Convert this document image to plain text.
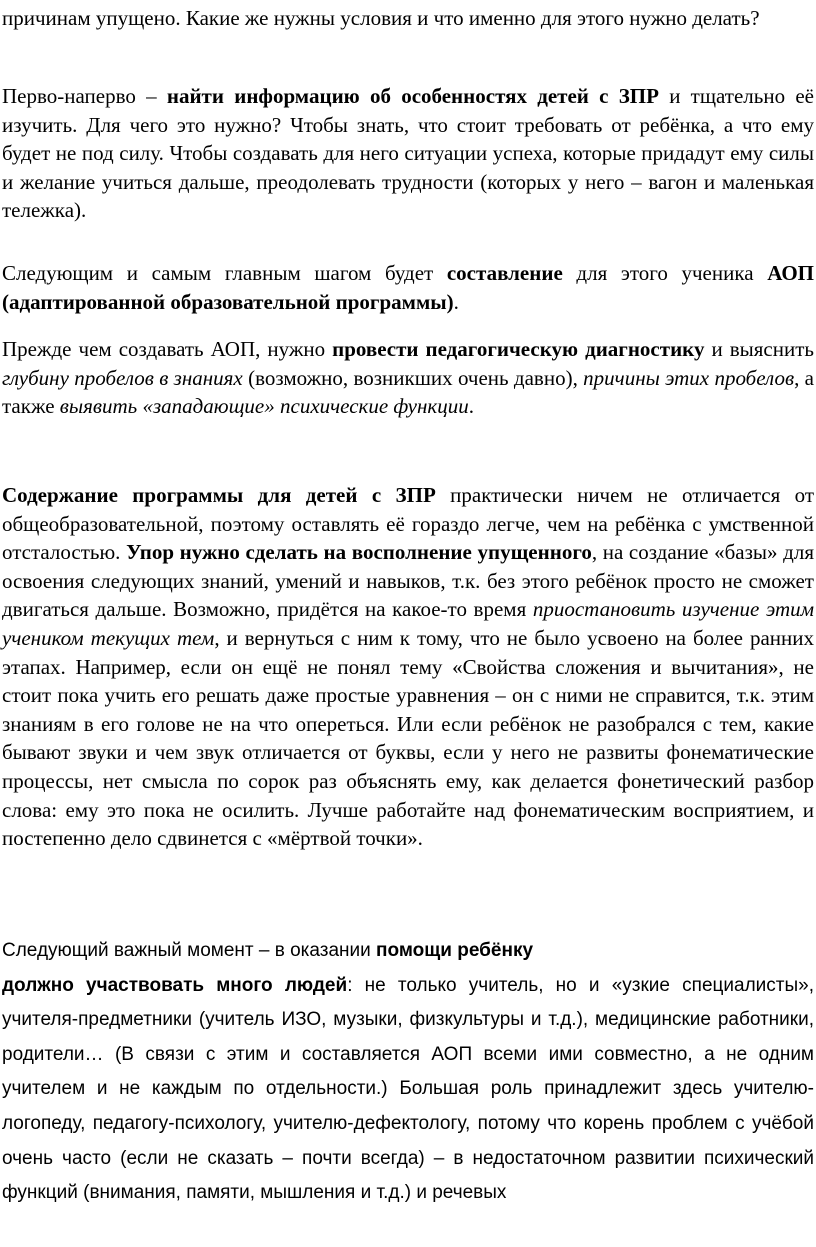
причинам упущено. Какие же нужны условия и что именно для этого нужно делать?

Перво-наперво – найти информацию об особенностях детей с ЗПР и тщательно её изучить. Для чего это нужно? Чтобы знать, что стоит требовать от ребёнка, а что ему будет не под силу. Чтобы создавать для него ситуации успеха, которые придадут ему силы и желание учиться дальше, преодолевать трудности (которых у него – вагон и маленькая тележка).

Следующим и самым главным шагом будет составление для этого ученика АОП (адаптированной образовательной программы).

Прежде чем создавать АОП, нужно провести педагогическую диагностику и выяснить глубину пробелов в знаниях (возможно, возникших очень давно), причины этих пробелов, а также выявить «западающие» психические функции.

Содержание программы для детей с ЗПР практически ничем не отличается от общеобразовательной, поэтому оставлять её гораздо легче, чем на ребёнка с умственной отсталостью. Упор нужно сделать на восполнение упущенного, на создание «базы» для освоения следующих знаний, умений и навыков, т.к. без этого ребёнок просто не сможет двигаться дальше. Возможно, придётся на какое-то время приостановить изучение этим учеником текущих тем, и вернуться с ним к тому, что не было усвоено на более ранних этапах. Например, если он ещё не понял тему «Свойства сложения и вычитания», не стоит пока учить его решать даже простые уравнения – он с ними не справится, т.к. этим знаниям в его голове не на что опереться. Или если ребёнок не разобрался с тем, какие бывают звуки и чем звук отличается от буквы, если у него не развиты фонематические процессы, нет смысла по сорок раз объяснять ему, как делается фонетический разбор слова: ему это пока не осилить. Лучше работайте над фонематическим восприятием, и постепенно дело сдвинется с «мёртвой точки».

Следующий важный момент – в оказании помощи ребёнку
должно участвовать много людей: не только учитель, но и «узкие специалисты», учителя-предметники (учитель ИЗО, музыки, физкультуры и т.д.), медицинские работники, родители… (В связи с этим и составляется АОП всеми ими совместно, а не одним учителем и не каждым по отдельности.) Большая роль принадлежит здесь учителю-логопеду, педагогу-психологу, учителю-дефектологу, потому что корень проблем с учёбой очень часто (если не сказать – почти всегда) – в недостаточном развитии психический функций (внимания, памяти, мышления и т.д.) и речевых
